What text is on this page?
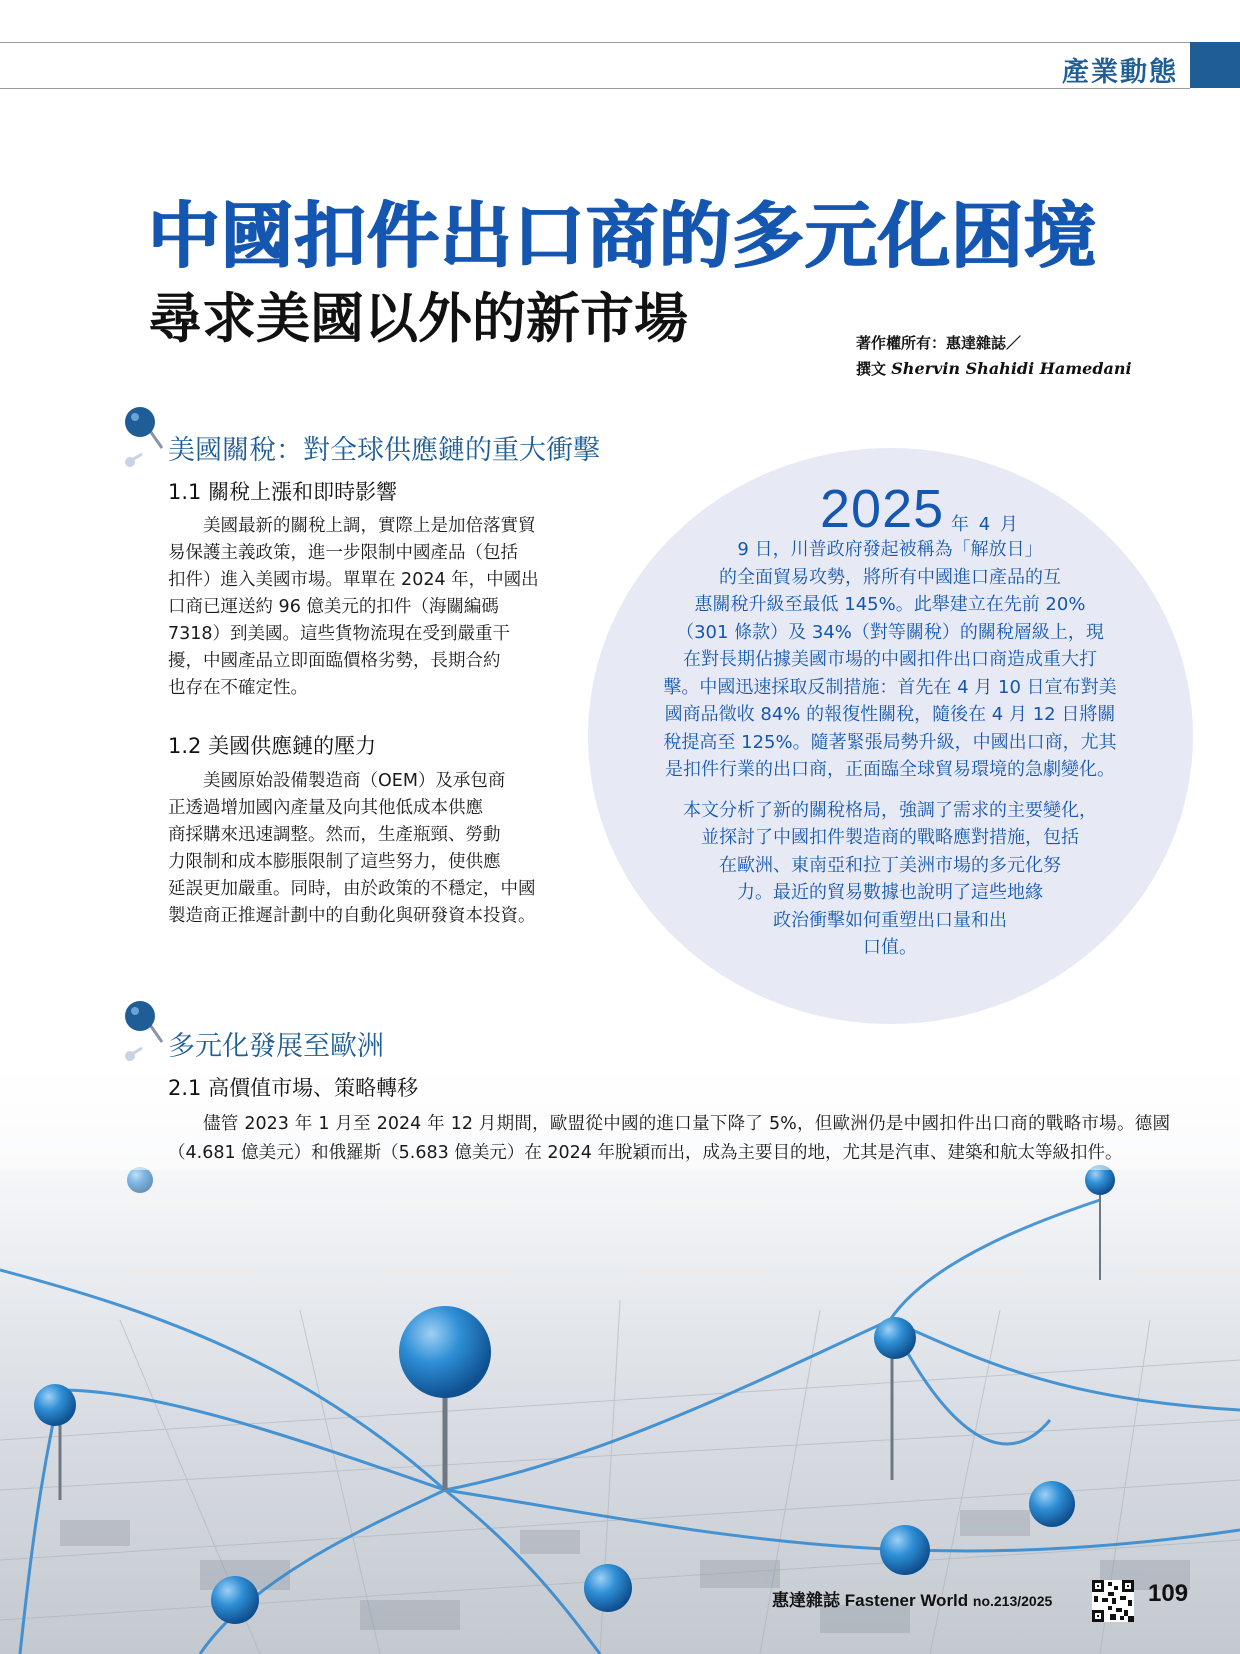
產業動態
中國扣件出口商的多元化困境
尋求美國以外的新市場	著作權所有：惠達雜誌／
撰文 Shervin Shahidi Hamedani
2025 年 4 月
9 日，川普政府發起被稱為「解放日」
的全面貿易攻勢，將所有中國進口產品的互
惠關稅升級至最低 145%。此舉建立在先前 20%
（301 條款）及 34%（對等關稅）的關稅層級上，現
在對長期佔據美國市場的中國扣件出口商造成重大打
擊。中國迅速採取反制措施：首先在 4 月 10 日宣布對美
國商品徵收 84% 的報復性關稅，隨後在 4 月 12 日將關
稅提高至 125%。隨著緊張局勢升級，中國出口商，尤其
是扣件行業的出口商，正面臨全球貿易環境的急劇變化。
本文分析了新的關稅格局，強調了需求的主要變化，
並探討了中國扣件製造商的戰略應對措施，包括
在歐洲、東南亞和拉丁美洲市場的多元化努
力。最近的貿易數據也說明了這些地緣
政治衝擊如何重塑出口量和出
口值。
美國關稅：對全球供應鏈的重大衝擊
1.1 關稅上漲和即時影響

　　美國最新的關稅上調，實際上是加倍落實貿

易保護主義政策，進一步限制中國產品（包括

扣件）進入美國市場。單單在 2024 年，中國出

口商已運送約 96 億美元的扣件（海關編碼

7318）到美國。這些貨物流現在受到嚴重干

擾，中國產品立即面臨價格劣勢，長期合約

也存在不確定性。

1.2 美國供應鏈的壓力

　　美國原始設備製造商（OEM）及承包商

正透過增加國內產量及向其他低成本供應

商採購來迅速調整。然而，生產瓶頸、勞動

力限制和成本膨脹限制了這些努力，使供應

延誤更加嚴重。同時，由於政策的不穩定，中國

製造商正推遲計劃中的自動化與研發資本投資。

多元化發展至歐洲
2.1 高價值市場、策略轉移

儘管 2023 年 1 月至 2024 年 12 月期間，歐盟從中國的進口量下降了 5%，但歐洲仍是中國扣件出口商的戰略市場。德國（4.681 億美元）和俄羅斯（5.683 億美元）在 2024 年脫穎而出，成為主要目的地，尤其是汽車、建築和航太等級扣件。

惠達雜誌 Fastener World no.213/2025	109
